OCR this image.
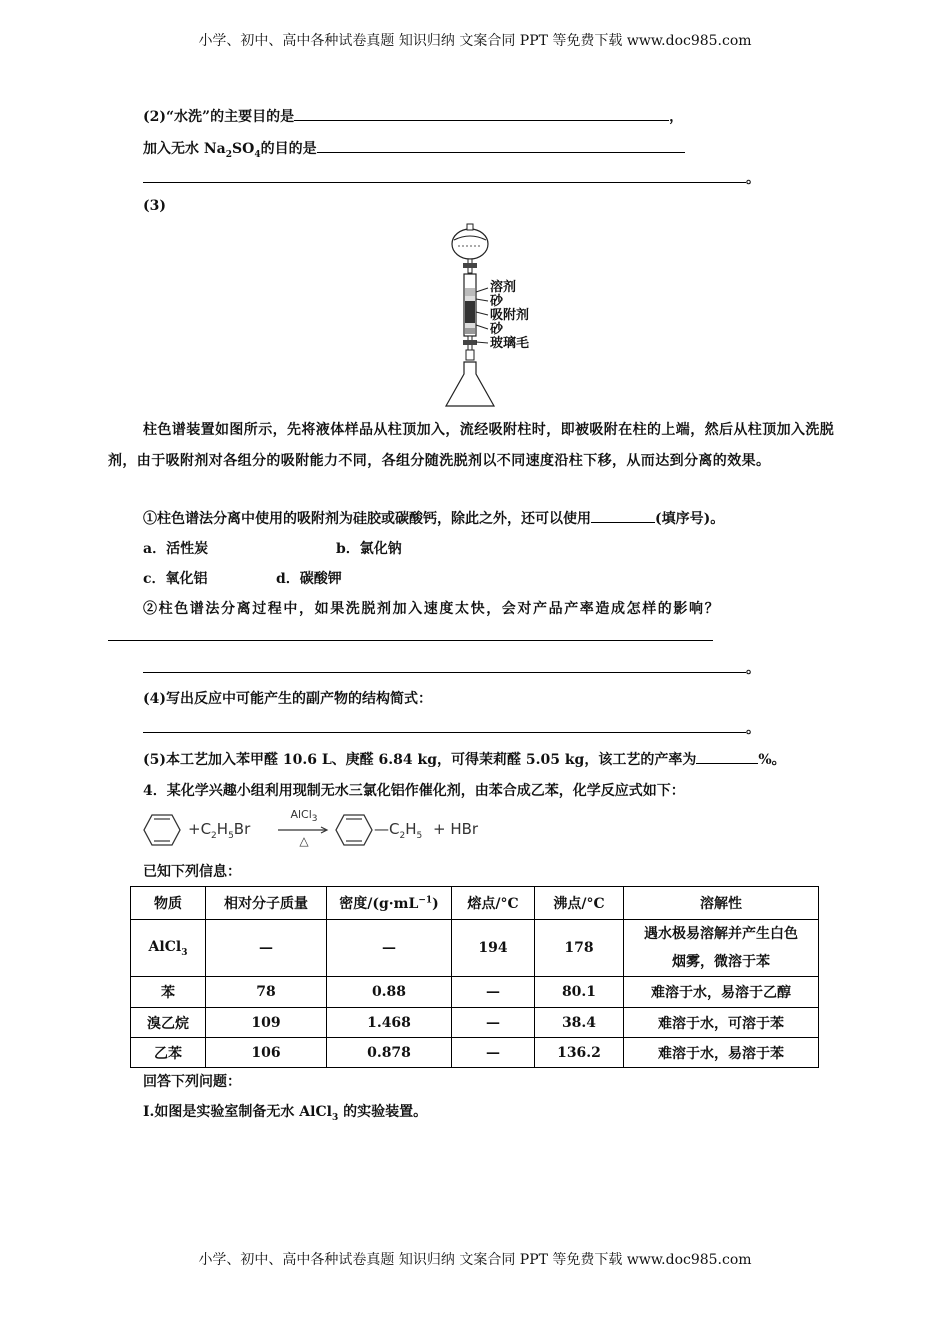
小学、初中、高中各种试卷真题 知识归纳 文案合同 PPT 等免费下载 www.doc985.com
(2)“水洗”的主要目的是	，
加入无水 $Na_2SO_4$的目的是
。
(3)
溶剂
砂
吸附剂
砂
玻璃毛
柱色谱装置如图所示，先将液体样品从柱顶加入，流经吸附柱时，即被吸附在柱的上端，然后从柱顶加入洗脱剂，由于吸附剂对各组分的吸附能力不同，各组分随洗脱剂以不同速度沿柱下移，从而达到分离的效果。
①柱色谱法分离中使用的吸附剂为硅胶或碳酸钙，除此之外，还可以使用	(填序号)。
a．活性炭	b．氯化钠
c．氧化铝	d．碳酸钾
②柱色谱法分离过程中，如果洗脱剂加入速度太快，会对产品产率造成怎样的影响？
。
(4)写出反应中可能产生的副产物的结构简式：
。
(5)本工艺加入苯甲醛 10.6 L、庚醛 6.84 kg，可得茉莉醛 5.05 kg，该工艺的产率为	%。
4．某化学兴趣小组利用现制无水三氯化铝作催化剂，由苯合成乙苯，化学反应式如下：
$+C_2H_5Br$
AlCl$_3$
△
$—C_2H_5$ + HBr
已知下列信息：
物质	相对分子质量	密度$/(g\cdot mL^{-1})$	熔点/°C	沸点/°C	溶解性
AlCl$_3$	—	—	194	178	遇水极易溶解并产生白色烟雾，微溶于苯
苯	78	0.88	—	80.1	难溶于水，易溶于乙醇
溴乙烷	109	1.468	—	38.4	难溶于水，可溶于苯
乙苯	106	0.878	—	136.2	难溶于水，易溶于苯
回答下列问题：
I.如图是实验室制备无水 AlCl$_3$ 的实验装置。
小学、初中、高中各种试卷真题 知识归纳 文案合同 PPT 等免费下载 www.doc985.com
